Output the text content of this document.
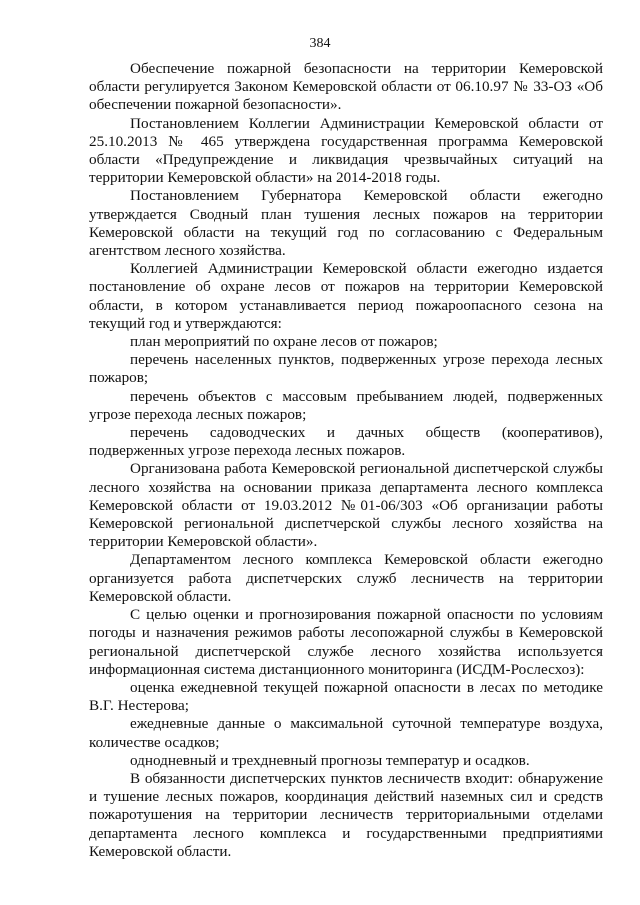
384

Обеспечение пожарной безопасности на территории Кемеровской области регулируется Законом Кемеровской области от 06.10.97 № 33-ОЗ «Об обеспечении пожарной безопасности».

Постановлением Коллегии Администрации Кемеровской области от 25.10.2013 № 465 утверждена государственная программа Кемеровской области «Предупреждение и ликвидация чрезвычайных ситуаций на территории Кемеровской области» на 2014-2018 годы.

Постановлением Губернатора Кемеровской области ежегодно утверждается Сводный план тушения лесных пожаров на территории Кемеровской области на текущий год по согласованию с Федеральным агентством лесного хозяйства.

Коллегией Администрации Кемеровской области ежегодно издается постановление об охране лесов от пожаров на территории Кемеровской области, в котором устанавливается период пожароопасного сезона на текущий год и утверждаются:

план мероприятий по охране лесов от пожаров;

перечень населенных пунктов, подверженных угрозе перехода лесных пожаров;

перечень объектов с массовым пребыванием людей, подверженных угрозе перехода лесных пожаров;

перечень садоводческих и дачных обществ (кооперативов), подверженных угрозе перехода лесных пожаров.

Организована работа Кемеровской региональной диспетчерской службы лесного хозяйства на основании приказа департамента лесного комплекса Кемеровской области от 19.03.2012 №01-06/303 «Об организации работы Кемеровской региональной диспетчерской службы лесного хозяйства на территории Кемеровской области».

Департаментом лесного комплекса Кемеровской области ежегодно организуется работа диспетчерских служб лесничеств на территории Кемеровской области.

С целью оценки и прогнозирования пожарной опасности по условиям погоды и назначения режимов работы лесопожарной службы в Кемеровской региональной диспетчерской службе лесного хозяйства используется информационная система дистанционного мониторинга (ИСДМ-Рослесхоз):

оценка ежедневной текущей пожарной опасности в лесах по методике В.Г. Нестерова;

ежедневные данные о максимальной суточной температуре воздуха, количестве осадков;

однодневный и трехдневный прогнозы температур и осадков.

В обязанности диспетчерских пунктов лесничеств входит: обнаружение и тушение лесных пожаров, координация действий наземных сил и средств пожаротушения на территории лесничеств территориальными отделами департамента лесного комплекса и государственными предприятиями Кемеровской области.
